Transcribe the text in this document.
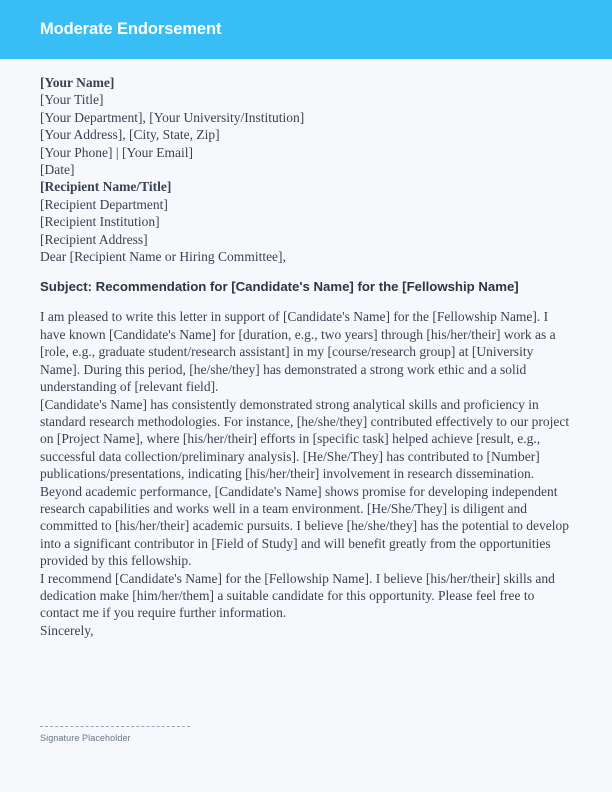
Moderate Endorsement
[Your Name]
[Your Title]
[Your Department], [Your University/Institution]
[Your Address], [City, State, Zip]
[Your Phone] | [Your Email]
[Date]
[Recipient Name/Title]
[Recipient Department]
[Recipient Institution]
[Recipient Address]
Dear [Recipient Name or Hiring Committee],
Subject: Recommendation for [Candidate's Name] for the [Fellowship Name]

I am pleased to write this letter in support of [Candidate's Name] for the [Fellowship Name]. I have known [Candidate's Name] for [duration, e.g., two years] through [his/her/their] work as a [role, e.g., graduate student/research assistant] in my [course/research group] at [University Name]. During this period, [he/she/they] has demonstrated a strong work ethic and a solid understanding of [relevant field].

[Candidate's Name] has consistently demonstrated strong analytical skills and proficiency in standard research methodologies. For instance, [he/she/they] contributed effectively to our project on [Project Name], where [his/her/their] efforts in [specific task] helped achieve [result, e.g., successful data collection/preliminary analysis]. [He/She/They] has contributed to [Number] publications/presentations, indicating [his/her/their] involvement in research dissemination.

Beyond academic performance, [Candidate's Name] shows promise for developing independent research capabilities and works well in a team environment. [He/She/They] is diligent and committed to [his/her/their] academic pursuits. I believe [he/she/they] has the potential to develop into a significant contributor in [Field of Study] and will benefit greatly from the opportunities provided by this fellowship.

I recommend [Candidate's Name] for the [Fellowship Name]. I believe [his/her/their] skills and dedication make [him/her/them] a suitable candidate for this opportunity. Please feel free to contact me if you require further information.

Sincerely,
Signature Placeholder
